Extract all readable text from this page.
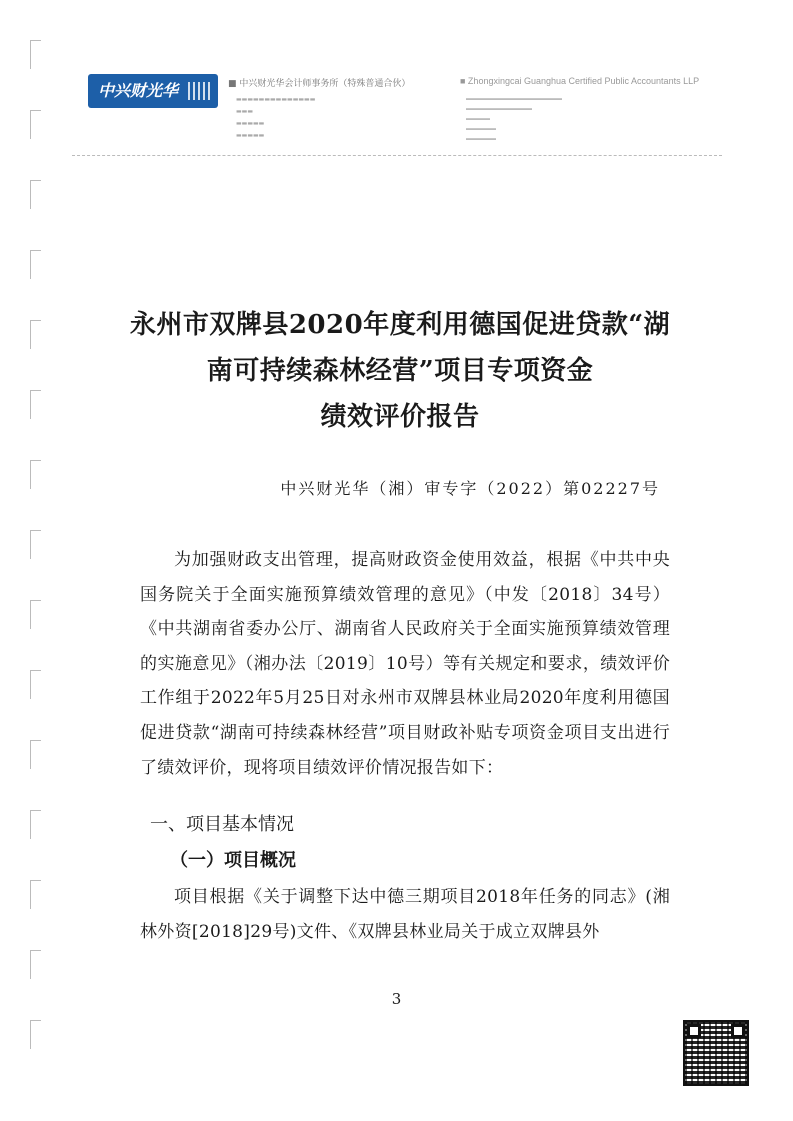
中兴财光华	■ 中兴财光华会计师事务所（特殊普通合伙）	■ Zhongxingcai Guanghua Certified Public Accountants LLP
▬▬▬▬▬▬▬▬▬▬▬▬▬▬
▬▬▬
▬▬▬▬▬
▬▬▬▬▬
▬▬▬▬▬▬▬▬▬▬▬▬▬▬▬▬
▬▬▬▬▬▬▬▬▬▬▬
▬▬▬▬
▬▬▬▬▬
▬▬▬▬▬
永州市双牌县2020年度利用德国促进贷款“湖
南可持续森林经营”项目专项资金
绩效评价报告
中兴财光华（湘）审专字（2022）第02227号

为加强财政支出管理，提高财政资金使用效益，根据《中共中央国务院关于全面实施预算绩效管理的意见》（中发〔2018〕34号）《中共湖南省委办公厅、湖南省人民政府关于全面实施预算绩效管理的实施意见》（湘办法〔2019〕10号）等有关规定和要求，绩效评价工作组于2022年5月25日对永州市双牌县林业局2020年度利用德国促进贷款“湖南可持续森林经营”项目财政补贴专项资金项目支出进行了绩效评价，现将项目绩效评价情况报告如下：

一、项目基本情况
（一）项目概况

项目根据《关于调整下达中德三期项目2018年任务的同志》(湘林外资[2018]29号)文件、《双牌县林业局关于成立双牌县外

3
